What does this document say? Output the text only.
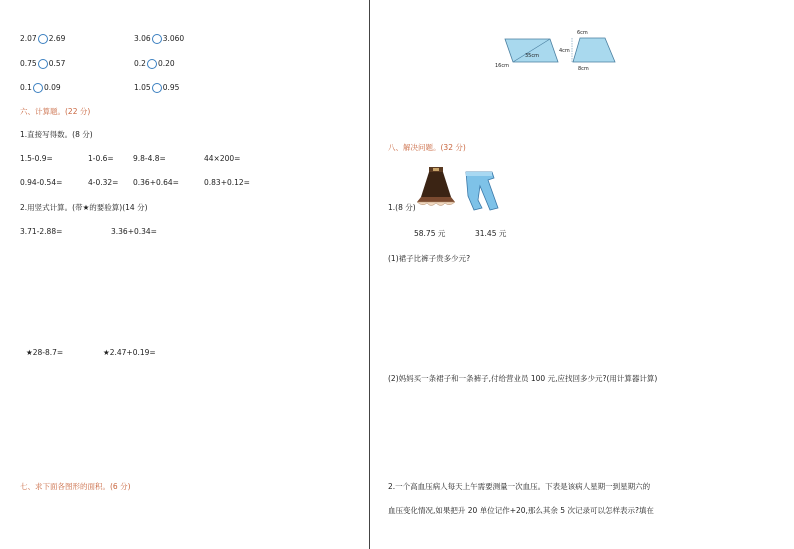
2.07 2.69	3.06 3.060
0.75 0.57	0.2 0.20
0.1 0.09	1.05 0.95
六、计算题。(22 分)
1.直接写得数。(8 分)
1.5-0.9=	1-0.6=	9.8-4.8=	44×200=
0.94-0.54=	4-0.32= 0.36+0.64=	0.83+0.12=
2.用竖式计算。(带★的要验算)(14 分)
3.71-2.88=	3.36+0.34=
★28-8.7=	★2.47+0.19=
七、求下面各图形的面积。(6 分)
35cm
16cm
6cm
4cm
8cm
八、解决问题。(32 分)
1.(8 分)
58.75 元	31.45 元
(1)裙子比裤子贵多少元?
(2)妈妈买一条裙子和一条裤子,付给营业员 100 元,应找回多少元?(用计算器计算)
2.一个高血压病人每天上午需要测量一次血压。下表是该病人星期一到星期六的
血压变化情况,如果把升 20 单位记作+20,那么其余 5 次记录可以怎样表示?填在
